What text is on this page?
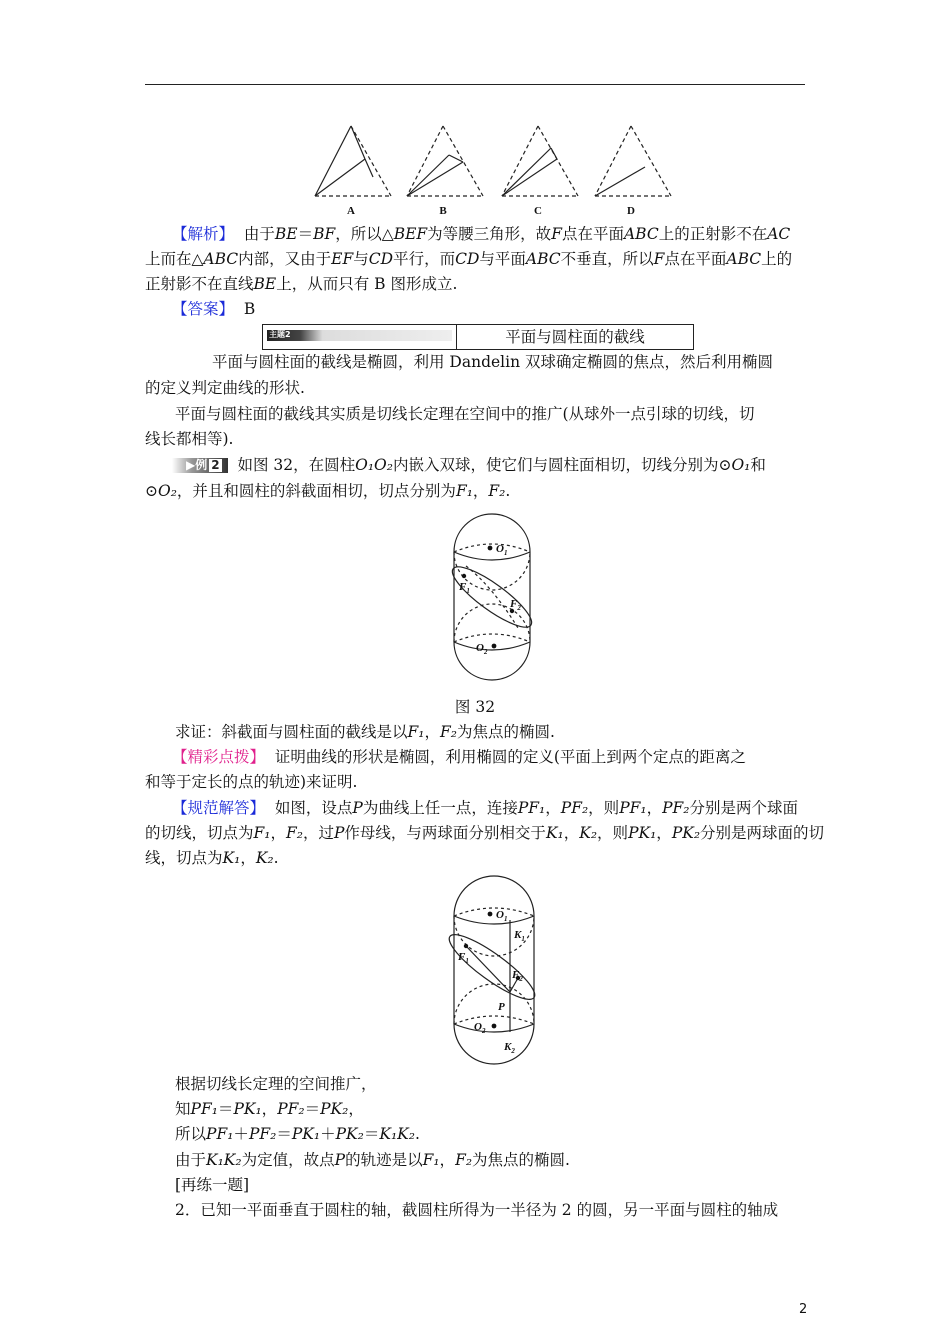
A	B	C	D
【解析】 由于BE＝BF，所以△BEF为等腰三角形，故F点在平面ABC上的正射影不在AC
上而在△ABC内部，又由于EF与CD平行，而CD与平面ABC不垂直，所以F点在平面ABC上的
正射影不在直线BE上，从而只有 B 图形成立.
【答案】 B
主题2	平面与圆柱面的截线
平面与圆柱面的截线是椭圆，利用 Dandelin 双球确定椭圆的焦点，然后利用椭圆
的定义判定曲线的形状.
平面与圆柱面的截线其实质是切线长定理在空间中的推广(从球外一点引球的切线，切
线长都相等).
▶例 2 如图 32，在圆柱O₁O₂内嵌入双球，使它们与圆柱面相切，切线分别为⊙O₁和
⊙O₂，并且和圆柱的斜截面相切，切点分别为F₁，F₂.
$O_1$
$F_1$
$F_2$
$O_2$
图 32
求证：斜截面与圆柱面的截线是以F₁，F₂为焦点的椭圆.
【精彩点拨】 证明曲线的形状是椭圆，利用椭圆的定义(平面上到两个定点的距离之
和等于定长的点的轨迹)来证明.
【规范解答】 如图，设点P为曲线上任一点，连接PF₁，PF₂，则PF₁，PF₂分别是两个球面
的切线，切点为F₁，F₂，过P作母线，与两球面分别相交于K₁，K₂，则PK₁，PK₂分别是两球面的切
线，切点为K₁，K₂.
$O_1$
$K_1$
$F_1$
$F_2$
P
$O_2$
$K_2$
根据切线长定理的空间推广，
知PF₁＝PK₁，PF₂＝PK₂，
所以PF₁＋PF₂＝PK₁＋PK₂＝K₁K₂.
由于K₁K₂为定值，故点P的轨迹是以F₁，F₂为焦点的椭圆.
[再练一题]
2．已知一平面垂直于圆柱的轴，截圆柱所得为一半径为 2 的圆，另一平面与圆柱的轴成
2
